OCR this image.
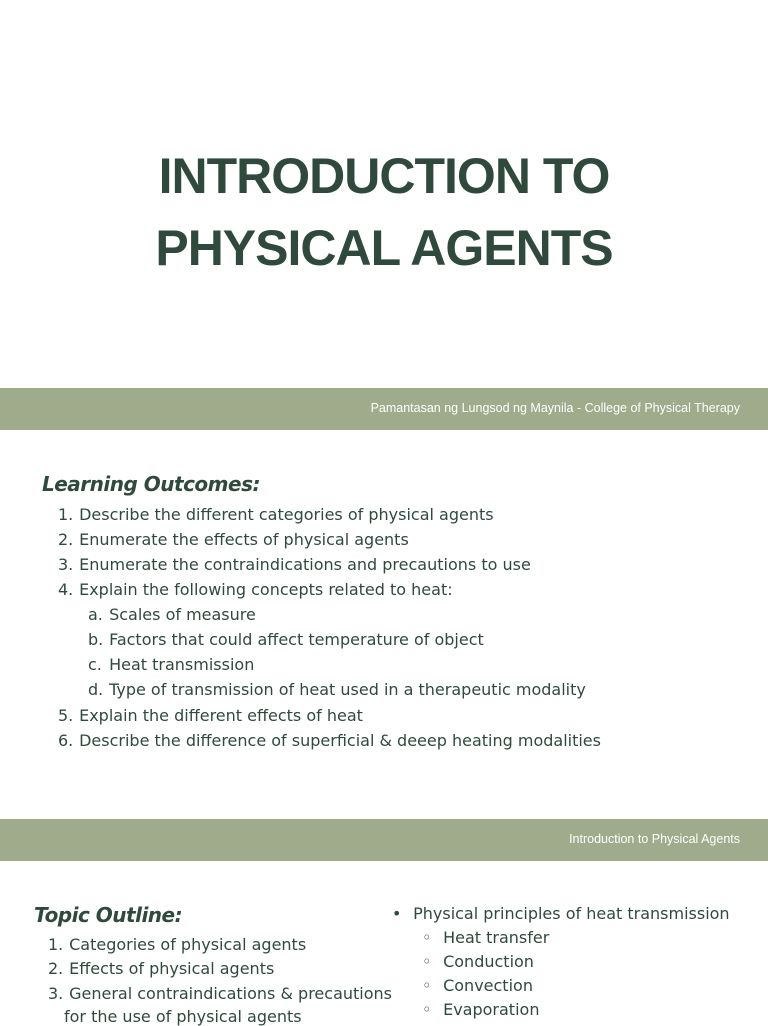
INTRODUCTION TO
PHYSICAL AGENTS
Pamantasan ng Lungsod ng Maynila - College of Physical Therapy
Learning Outcomes:
1. Describe the different categories of physical agents
2. Enumerate the effects of physical agents
3. Enumerate the contraindications and precautions to use
4. Explain the following concepts related to heat:
a. Scales of measure
b. Factors that could affect temperature of object
c. Heat transmission
d. Type of transmission of heat used in a therapeutic modality
5. Explain the different effects of heat
6. Describe the difference of superficial & deeep heating modalities
Introduction to Physical Agents
Topic Outline:
1. Categories of physical agents
2. Effects of physical agents
3. General contraindications & precautions
for the use of physical agents
• Physical principles of heat transmission
◦ Heat transfer
◦ Conduction
◦ Convection
◦ Evaporation
